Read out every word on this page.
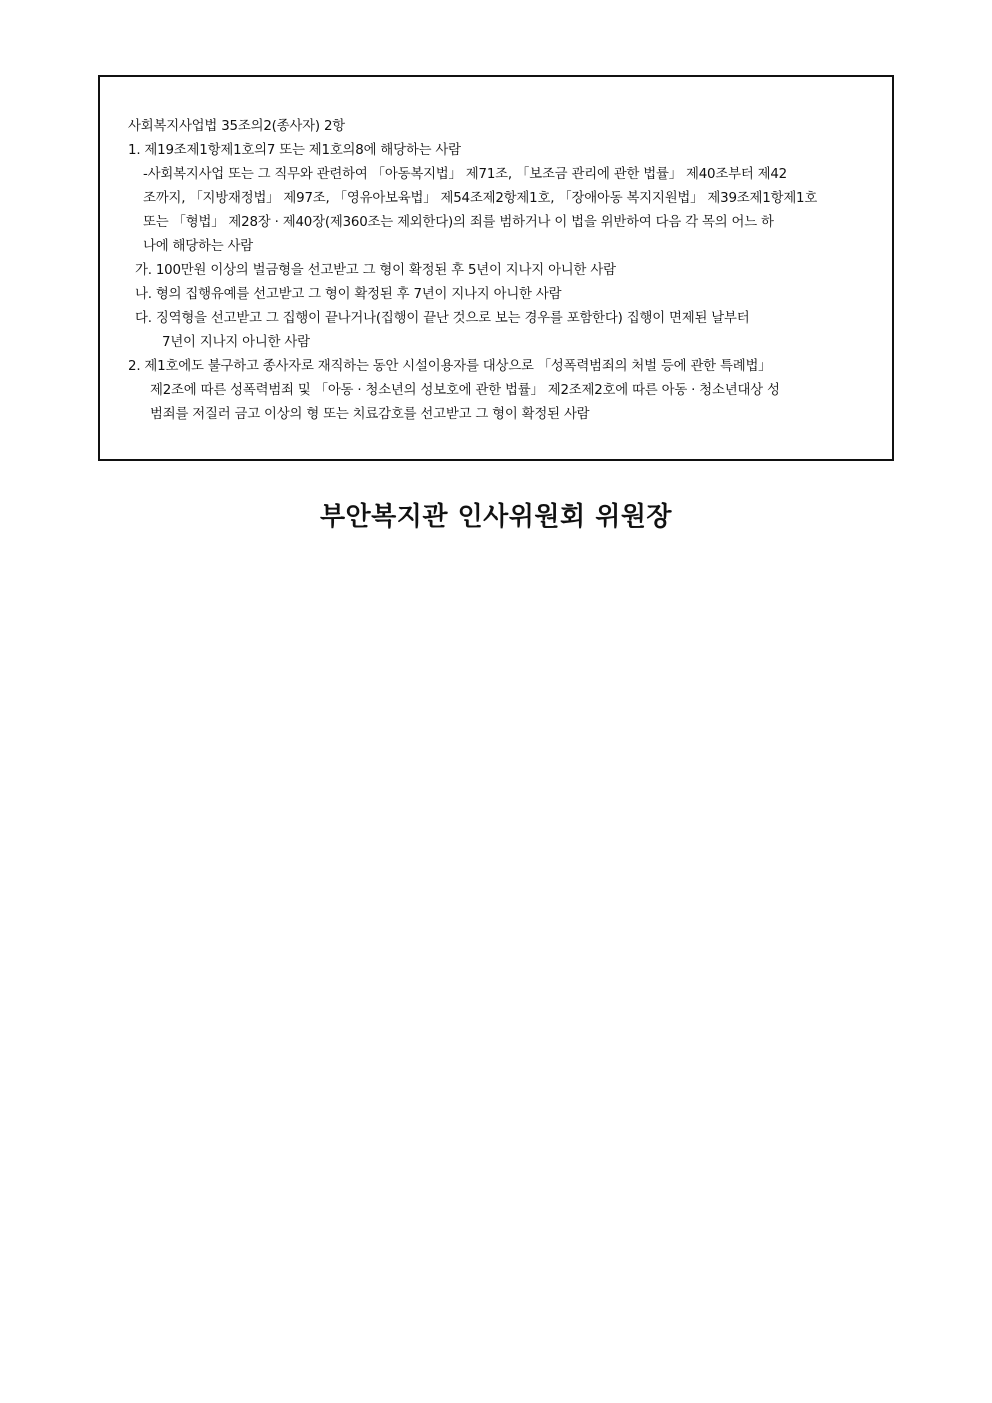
사회복지사업법 35조의2(종사자) 2항
1. 제19조제1항제1호의7 또는 제1호의8에 해당하는 사람
-사회복지사업 또는 그 직무와 관련하여 「아동복지법」 제71조, 「보조금 관리에 관한 법률」 제40조부터 제42
조까지, 「지방재정법」 제97조, 「영유아보육법」 제54조제2항제1호, 「장애아동 복지지원법」 제39조제1항제1호
또는 「형법」 제28장 · 제40장(제360조는 제외한다)의 죄를 범하거나 이 법을 위반하여 다음 각 목의 어느 하
나에 해당하는 사람
가. 100만원 이상의 벌금형을 선고받고 그 형이 확정된 후 5년이 지나지 아니한 사람
나. 형의 집행유예를 선고받고 그 형이 확정된 후 7년이 지나지 아니한 사람
다. 징역형을 선고받고 그 집행이 끝나거나(집행이 끝난 것으로 보는 경우를 포함한다) 집행이 면제된 날부터
7년이 지나지 아니한 사람
2. 제1호에도 불구하고 종사자로 재직하는 동안 시설이용자를 대상으로 「성폭력범죄의 처벌 등에 관한 특례법」
제2조에 따른 성폭력범죄 및 「아동 · 청소년의 성보호에 관한 법률」 제2조제2호에 따른 아동 · 청소년대상 성
범죄를 저질러 금고 이상의 형 또는 치료감호를 선고받고 그 형이 확정된 사람
부안복지관 인사위원회 위원장
